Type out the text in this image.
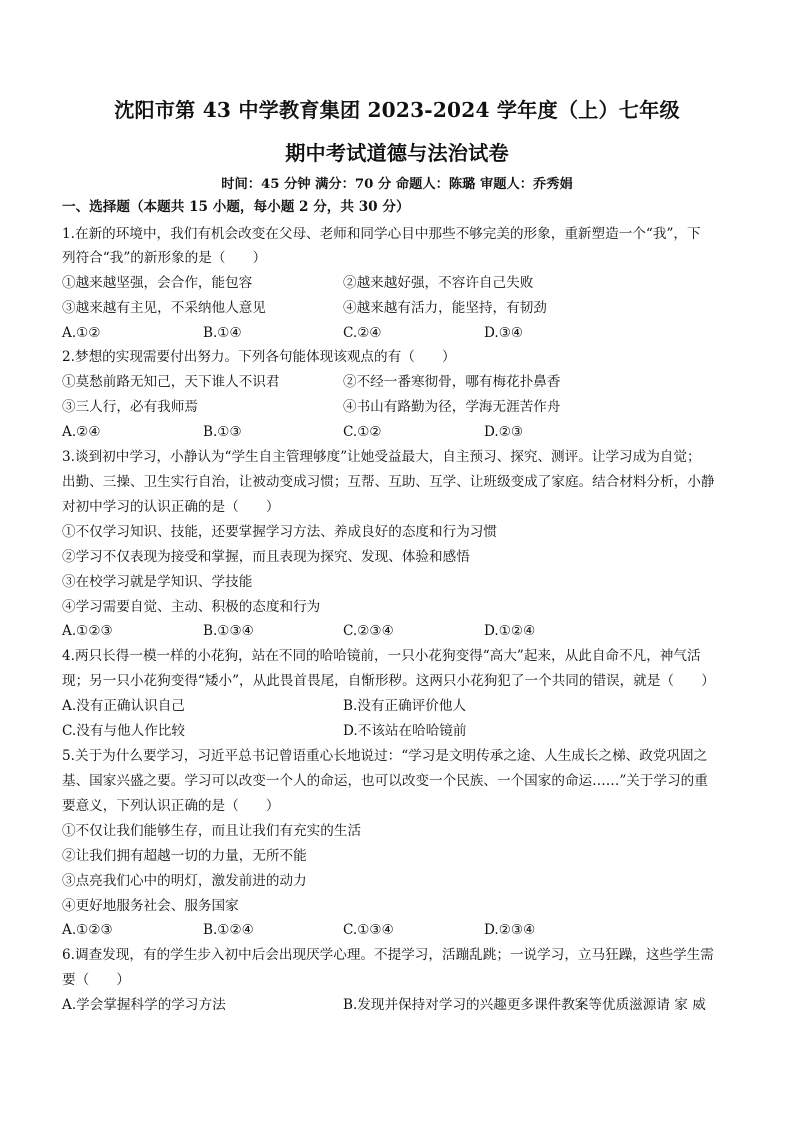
沈阳市第 43 中学教育集团 2023-2024 学年度（上）七年级
期中考试道德与法治试卷
时间：45 分钟 满分：70 分 命题人：陈璐 审题人：乔秀娟
一、选择题（本题共 15 小题，每小题 2 分，共 30 分）
1.在新的环境中，我们有机会改变在父母、老师和同学心目中那些不够完美的形象，重新塑造一个“我”，下
列符合“我”的新形象的是（　　）
①越来越坚强，会合作，能包容	②越来越好强，不容许自己失败
③越来越有主见，不采纳他人意见	④越来越有活力，能坚持，有韧劲
A.①②	B.①④	C.②④	D.③④
2.梦想的实现需要付出努力。下列各句能体现该观点的有（　　）
①莫愁前路无知己，天下谁人不识君	②不经一番寒彻骨，哪有梅花扑鼻香
③三人行，必有我师焉	④书山有路勤为径，学海无涯苦作舟
A.②④	B.①③	C.①②	D.②③
3.谈到初中学习，小静认为“学生自主管理够度”让她受益最大，自主预习、探究、测评。让学习成为自觉；
出勤、三操、卫生实行自治，让被动变成习惯；互帮、互助、互学、让班级变成了家庭。结合材料分析，小静
对初中学习的认识正确的是（　　）
①不仅学习知识、技能，还要掌握学习方法、养成良好的态度和行为习惯
②学习不仅表现为接受和掌握，而且表现为探究、发现、体验和感悟
③在校学习就是学知识、学技能
④学习需要自觉、主动、积极的态度和行为
A.①②③	B.①③④	C.②③④	D.①②④
4.两只长得一模一样的小花狗，站在不同的哈哈镜前，一只小花狗变得“高大”起来，从此自命不凡，神气活
现；另一只小花狗变得“矮小”，从此畏首畏尾，自惭形秽。这两只小花狗犯了一个共同的错误，就是（　　）
A.没有正确认识自己	B.没有正确评价他人
C.没有与他人作比较	D.不该站在哈哈镜前
5.关于为什么要学习，习近平总书记曾语重心长地说过：“学习是文明传承之途、人生成长之梯、政党巩固之
基、国家兴盛之要。学习可以改变一个人的命运，也可以改变一个民族、一个国家的命运……”关于学习的重
要意义，下列认识正确的是（　　）
①不仅让我们能够生存，而且让我们有充实的生活
②让我们拥有超越一切的力量，无所不能
③点亮我们心中的明灯，激发前进的动力
④更好地服务社会、服务国家
A.①②③	B.①②④	C.①③④	D.②③④
6.调查发现，有的学生步入初中后会出现厌学心理。不提学习，活蹦乱跳；一说学习，立马狂躁，这些学生需
要（　　）
A.学会掌握科学的学习方法	B.发现并保持对学习的兴趣更多课件教案等优质滋源请 家 威
